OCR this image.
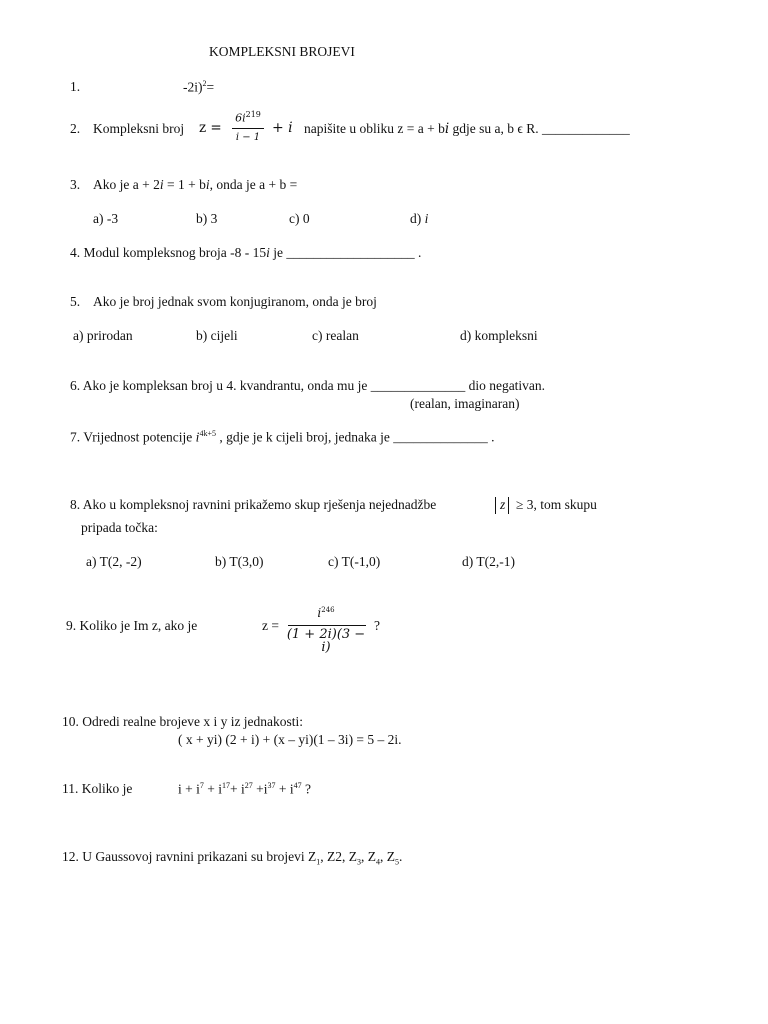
KOMPLEKSNI BROJEVI
1.	-2i)$^2$=
2. Kompleksni broj z =
$6i^{219}$
i − 1
+ i napišite u obliku z = a + bi gdje su a, b ϵ R. _____________
3. Ako je a + 2i = 1 + bi, onda je a + b =
a) -3	b) 3	c) 0	d) i
4. Modul kompleksnog broja -8 - 15i je ___________________ .
5. Ako je broj jednak svom konjugiranom, onda je broj
a) prirodan	b) cijeli	c) realan	d) kompleksni
6. Ako je kompleksan broj u 4. kvandrantu, onda mu je ______________ dio negativan.
(realan, imaginaran)
7. Vrijednost potencije $i^{4k+5}$ , gdje je k cijeli broj, jednaka je ______________ .
8. Ako u kompleksnoj ravnini prikažemo skup rješenja nejednadžbe	z ≥ 3, tom skupu
pripada točka:
a) T(2, -2)	b) T(3,0)	c) T(-1,0)	d) T(2,-1)
9. Koliko je Im z, ako je	z =
$i^{246}$
(1 + 2i)(3 − i)
?
10. Odredi realne brojeve x i y iz jednakosti:
( x + yi) (2 + i) + (x – yi)(1 – 3i) = 5 – 2i.
11. Koliko je	$i + i^7 + i^{17}+ i^{27} +i^{37} + i^{47}$ ?
12. U Gaussovoj ravnini prikazani su brojevi $Z_1$, Z2, $Z_3$, $Z_4$, $Z_5$.
